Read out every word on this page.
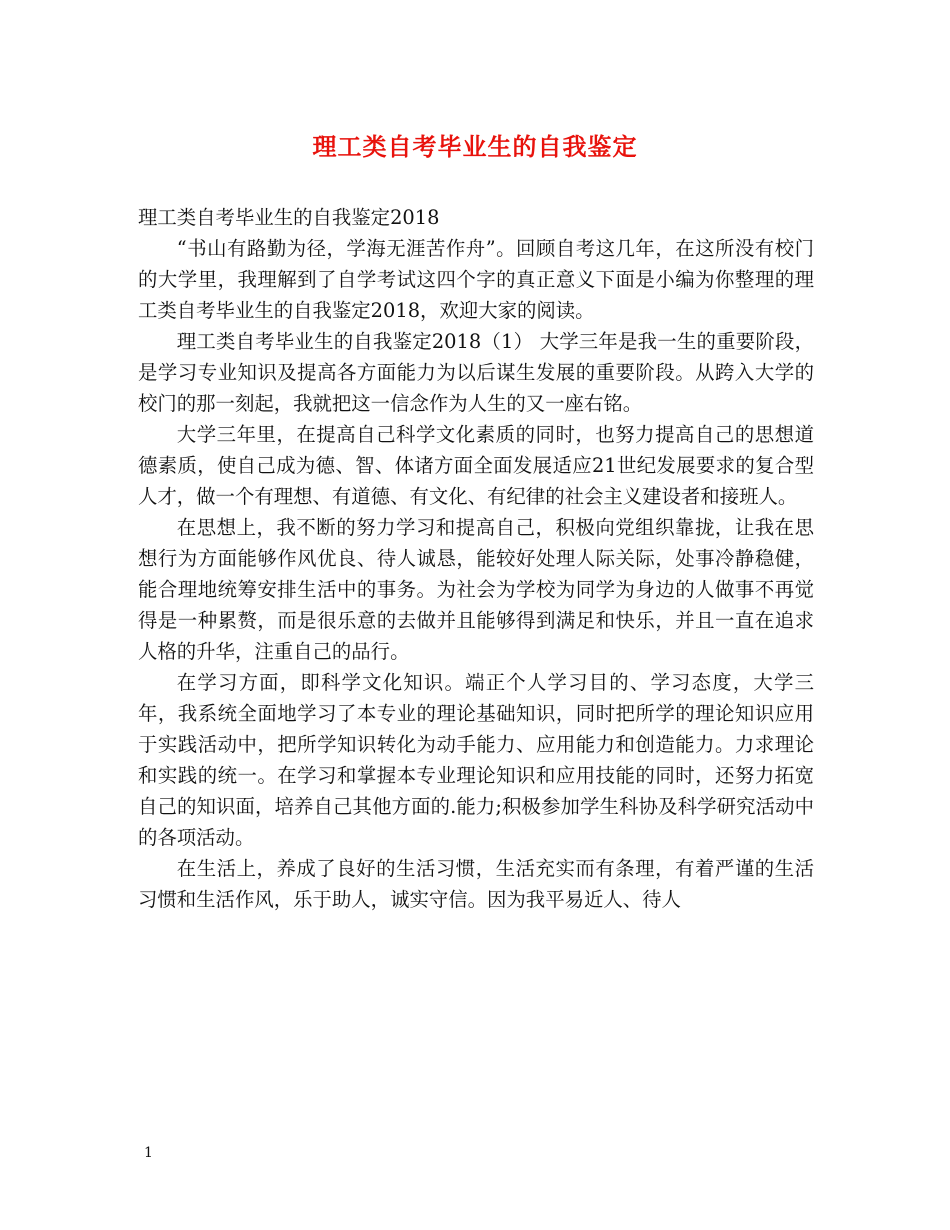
理工类自考毕业生的自我鉴定

理工类自考毕业生的自我鉴定2018

“书山有路勤为径，学海无涯苦作舟”。回顾自考这几年，在这所没有校门的大学里，我理解到了自学考试这四个字的真正意义下面是小编为你整理的理工类自考毕业生的自我鉴定2018，欢迎大家的阅读。

理工类自考毕业生的自我鉴定2018（1） 大学三年是我一生的重要阶段，是学习专业知识及提高各方面能力为以后谋生发展的重要阶段。从跨入大学的校门的那一刻起，我就把这一信念作为人生的又一座右铭。

大学三年里，在提高自己科学文化素质的同时，也努力提高自己的思想道德素质，使自己成为德、智、体诸方面全面发展适应21世纪发展要求的复合型人才，做一个有理想、有道德、有文化、有纪律的社会主义建设者和接班人。

在思想上，我不断的努力学习和提高自己，积极向党组织靠拢，让我在思想行为方面能够作风优良、待人诚恳，能较好处理人际关际，处事冷静稳健，能合理地统筹安排生活中的事务。为社会为学校为同学为身边的人做事不再觉得是一种累赘，而是很乐意的去做并且能够得到满足和快乐，并且一直在追求人格的升华，注重自己的品行。

在学习方面，即科学文化知识。端正个人学习目的、学习态度，大学三年，我系统全面地学习了本专业的理论基础知识，同时把所学的理论知识应用于实践活动中，把所学知识转化为动手能力、应用能力和创造能力。力求理论和实践的统一。在学习和掌握本专业理论知识和应用技能的同时，还努力拓宽自己的知识面，培养自己其他方面的.能力;积极参加学生科协及科学研究活动中的各项活动。

在生活上，养成了良好的生活习惯，生活充实而有条理，有着严谨的生活习惯和生活作风，乐于助人，诚实守信。因为我平易近人、待人

1
